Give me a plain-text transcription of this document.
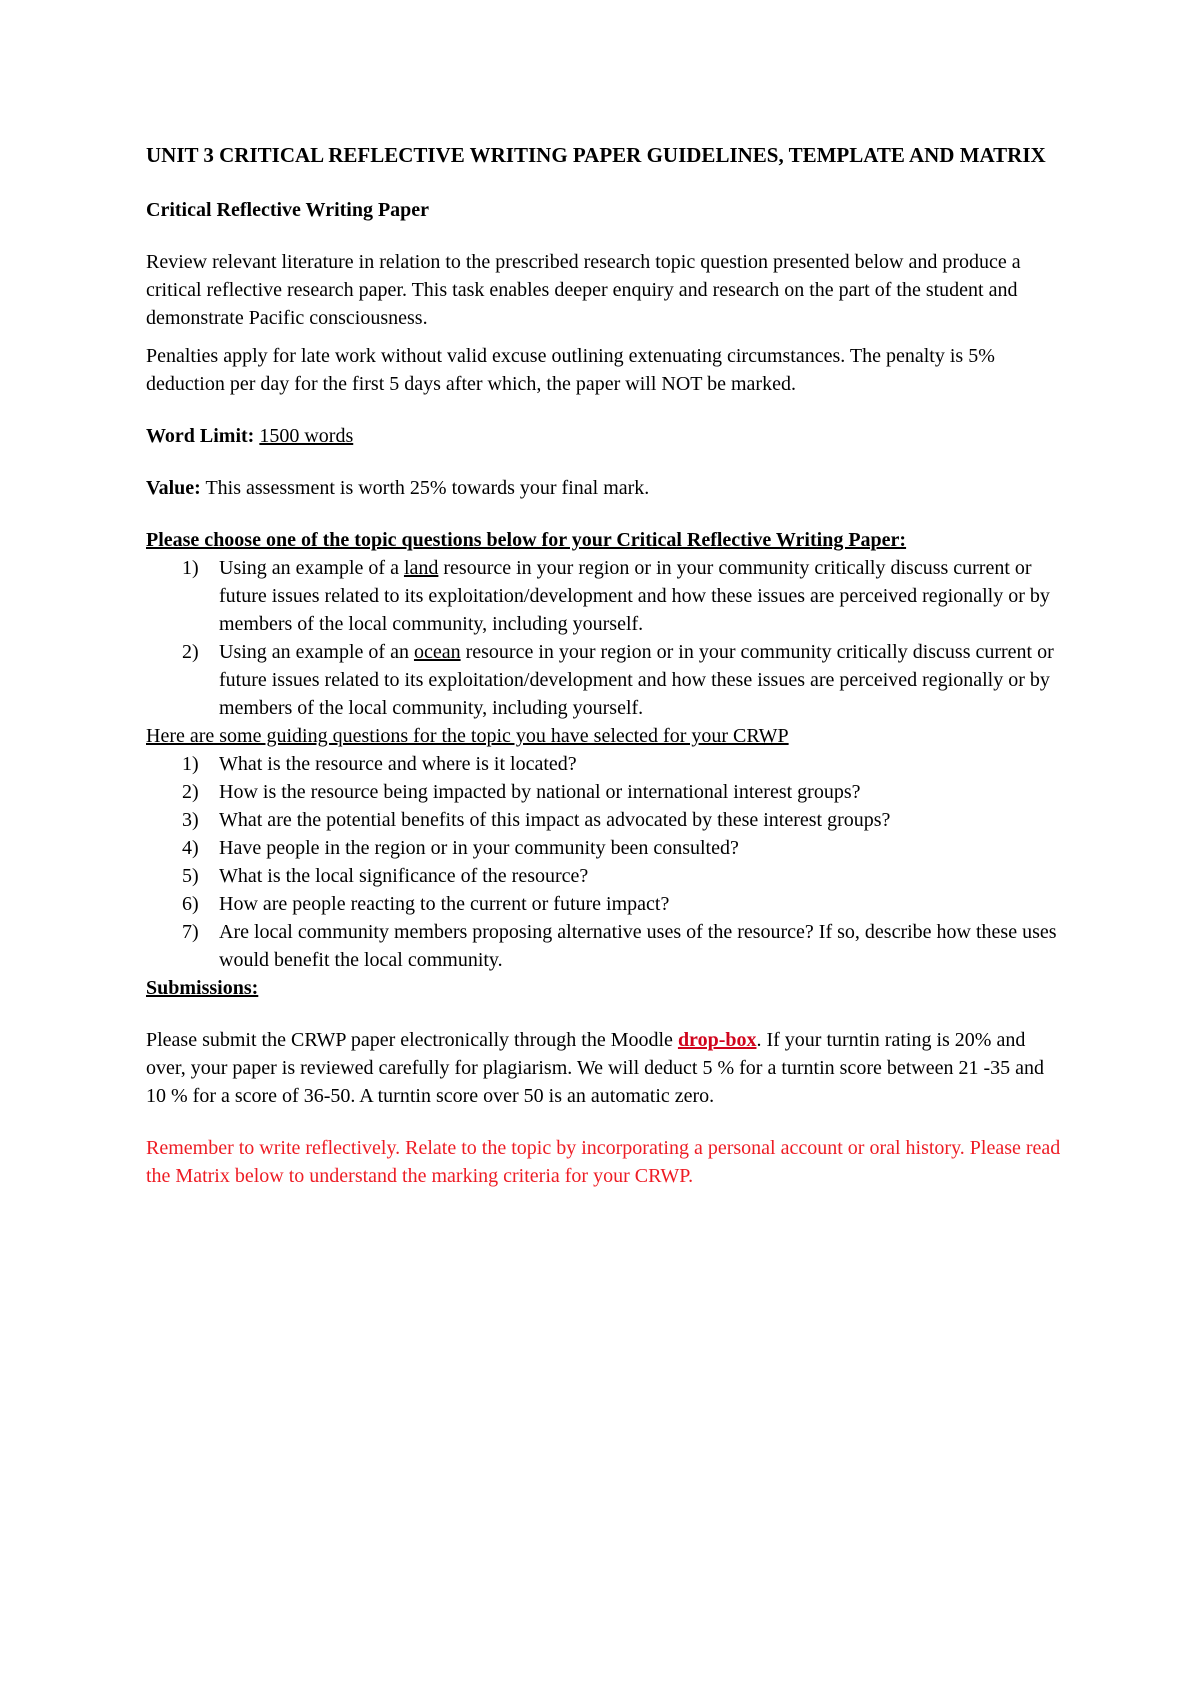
UNIT 3 CRITICAL REFLECTIVE WRITING PAPER GUIDELINES, TEMPLATE AND MATRIX
Critical Reflective Writing Paper

Review relevant literature in relation to the prescribed research topic question presented below and produce a critical reflective research paper. This task enables deeper enquiry and research on the part of the student and demonstrate Pacific consciousness.

Penalties apply for late work without valid excuse outlining extenuating circumstances. The penalty is 5% deduction per day for the first 5 days after which, the paper will NOT be marked.

Word Limit: 1500 words

Value: This assessment is worth 25% towards your final mark.

Please choose one of the topic questions below for your Critical Reflective Writing Paper:

1) Using an example of a land resource in your region or in your community critically discuss current or future issues related to its exploitation/development and how these issues are perceived regionally or by members of the local community, including yourself.
2) Using an example of an ocean resource in your region or in your community critically discuss current or future issues related to its exploitation/development and how these issues are perceived regionally or by members of the local community, including yourself.

Here are some guiding questions for the topic you have selected for your CRWP

1) What is the resource and where is it located?
2) How is the resource being impacted by national or international interest groups?
3) What are the potential benefits of this impact as advocated by these interest groups?
4) Have people in the region or in your community been consulted?
5) What is the local significance of the resource?
6) How are people reacting to the current or future impact?
7) Are local community members proposing alternative uses of the resource? If so, describe how these uses would benefit the local community.

Submissions:

Please submit the CRWP paper electronically through the Moodle drop-box. If your turntin rating is 20% and over, your paper is reviewed carefully for plagiarism. We will deduct 5 % for a turntin score between 21 -35 and 10 % for a score of 36-50. A turntin score over 50 is an automatic zero.

Remember to write reflectively. Relate to the topic by incorporating a personal account or oral history. Please read the Matrix below to understand the marking criteria for your CRWP.
